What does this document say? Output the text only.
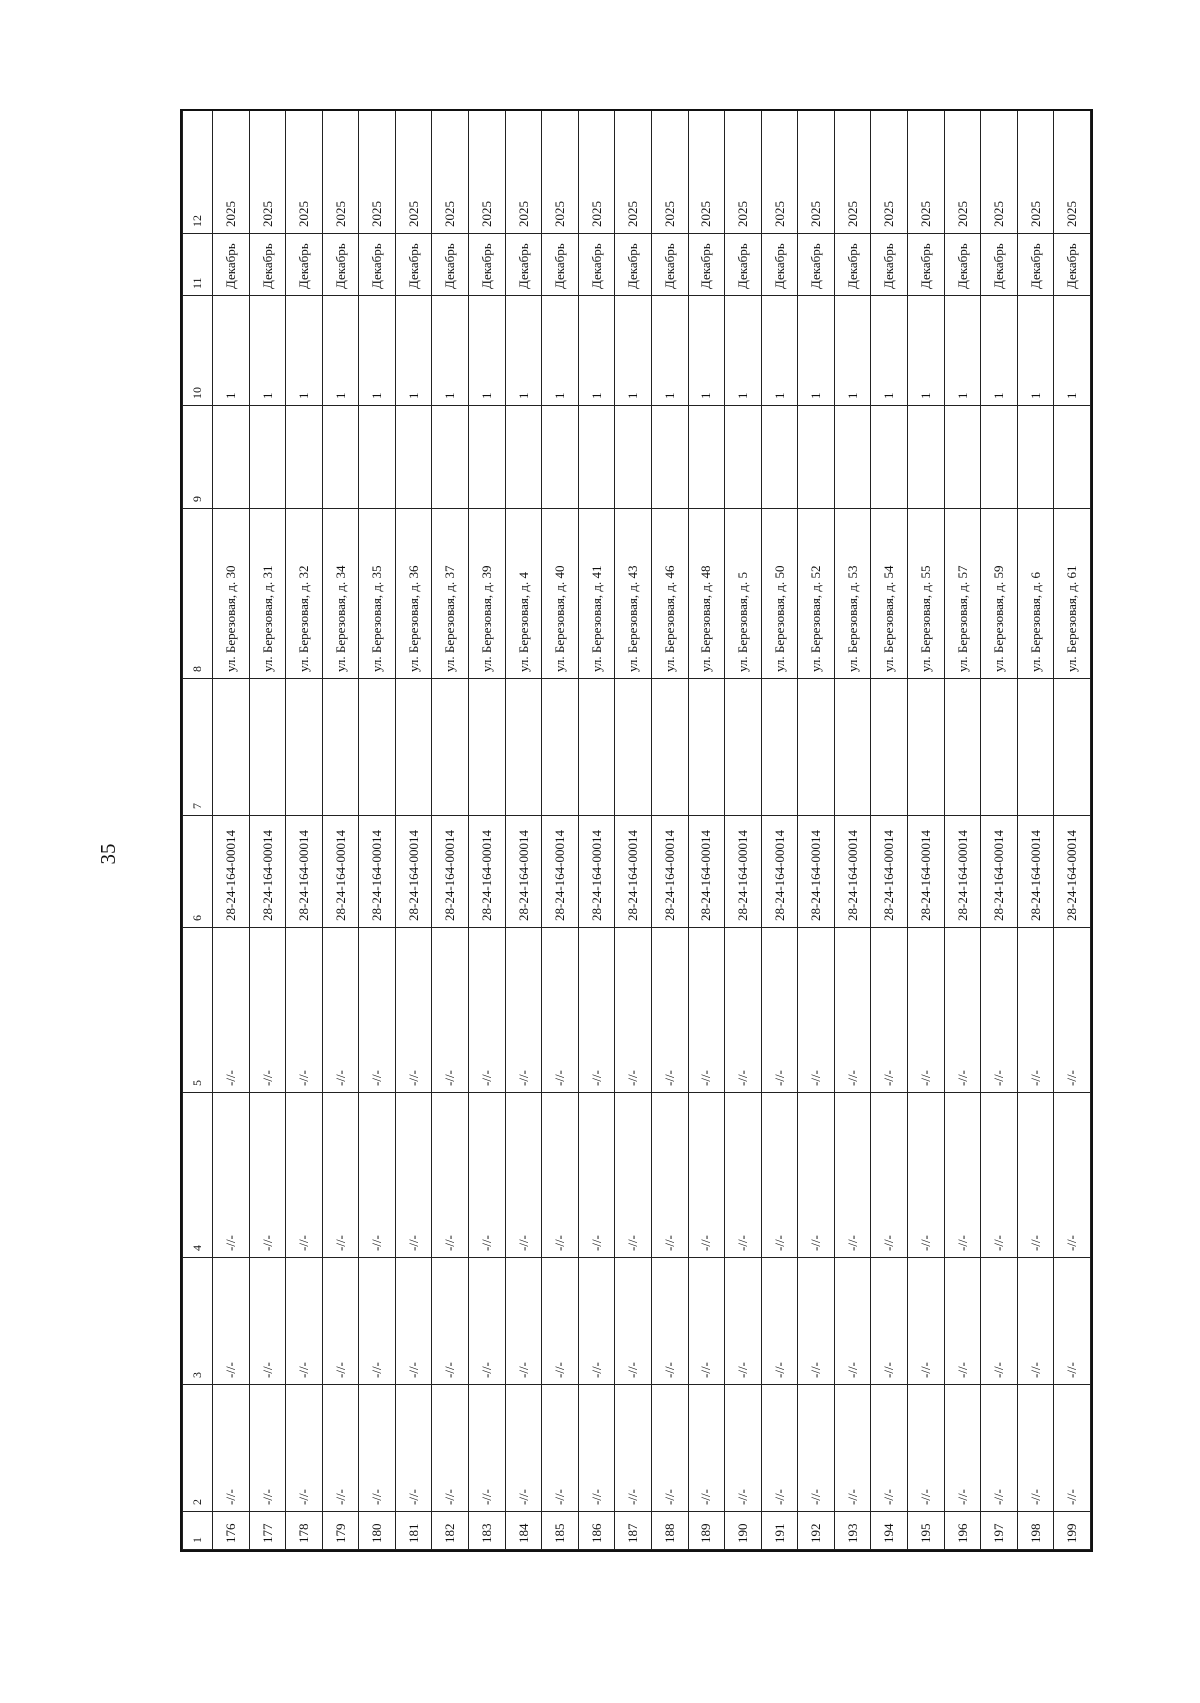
35
1	2	3	4	5	6	7	8	9	10	11	12
176	-//-	-//-	-//-	-//-	28-24-164-00014		ул. Березовая, д. 30		1	Декабрь	2025
177	-//-	-//-	-//-	-//-	28-24-164-00014		ул. Березовая, д. 31		1	Декабрь	2025
178	-//-	-//-	-//-	-//-	28-24-164-00014		ул. Березовая, д. 32		1	Декабрь	2025
179	-//-	-//-	-//-	-//-	28-24-164-00014		ул. Березовая, д. 34		1	Декабрь	2025
180	-//-	-//-	-//-	-//-	28-24-164-00014		ул. Березовая, д. 35		1	Декабрь	2025
181	-//-	-//-	-//-	-//-	28-24-164-00014		ул. Березовая, д. 36		1	Декабрь	2025
182	-//-	-//-	-//-	-//-	28-24-164-00014		ул. Березовая, д. 37		1	Декабрь	2025
183	-//-	-//-	-//-	-//-	28-24-164-00014		ул. Березовая, д. 39		1	Декабрь	2025
184	-//-	-//-	-//-	-//-	28-24-164-00014		ул. Березовая, д. 4		1	Декабрь	2025
185	-//-	-//-	-//-	-//-	28-24-164-00014		ул. Березовая, д. 40		1	Декабрь	2025
186	-//-	-//-	-//-	-//-	28-24-164-00014		ул. Березовая, д. 41		1	Декабрь	2025
187	-//-	-//-	-//-	-//-	28-24-164-00014		ул. Березовая, д. 43		1	Декабрь	2025
188	-//-	-//-	-//-	-//-	28-24-164-00014		ул. Березовая, д. 46		1	Декабрь	2025
189	-//-	-//-	-//-	-//-	28-24-164-00014		ул. Березовая, д. 48		1	Декабрь	2025
190	-//-	-//-	-//-	-//-	28-24-164-00014		ул. Березовая, д. 5		1	Декабрь	2025
191	-//-	-//-	-//-	-//-	28-24-164-00014		ул. Березовая, д. 50		1	Декабрь	2025
192	-//-	-//-	-//-	-//-	28-24-164-00014		ул. Березовая, д. 52		1	Декабрь	2025
193	-//-	-//-	-//-	-//-	28-24-164-00014		ул. Березовая, д. 53		1	Декабрь	2025
194	-//-	-//-	-//-	-//-	28-24-164-00014		ул. Березовая, д. 54		1	Декабрь	2025
195	-//-	-//-	-//-	-//-	28-24-164-00014		ул. Березовая, д. 55		1	Декабрь	2025
196	-//-	-//-	-//-	-//-	28-24-164-00014		ул. Березовая, д. 57		1	Декабрь	2025
197	-//-	-//-	-//-	-//-	28-24-164-00014		ул. Березовая, д. 59		1	Декабрь	2025
198	-//-	-//-	-//-	-//-	28-24-164-00014		ул. Березовая, д. 6		1	Декабрь	2025
199	-//-	-//-	-//-	-//-	28-24-164-00014		ул. Березовая, д. 61		1	Декабрь	2025
